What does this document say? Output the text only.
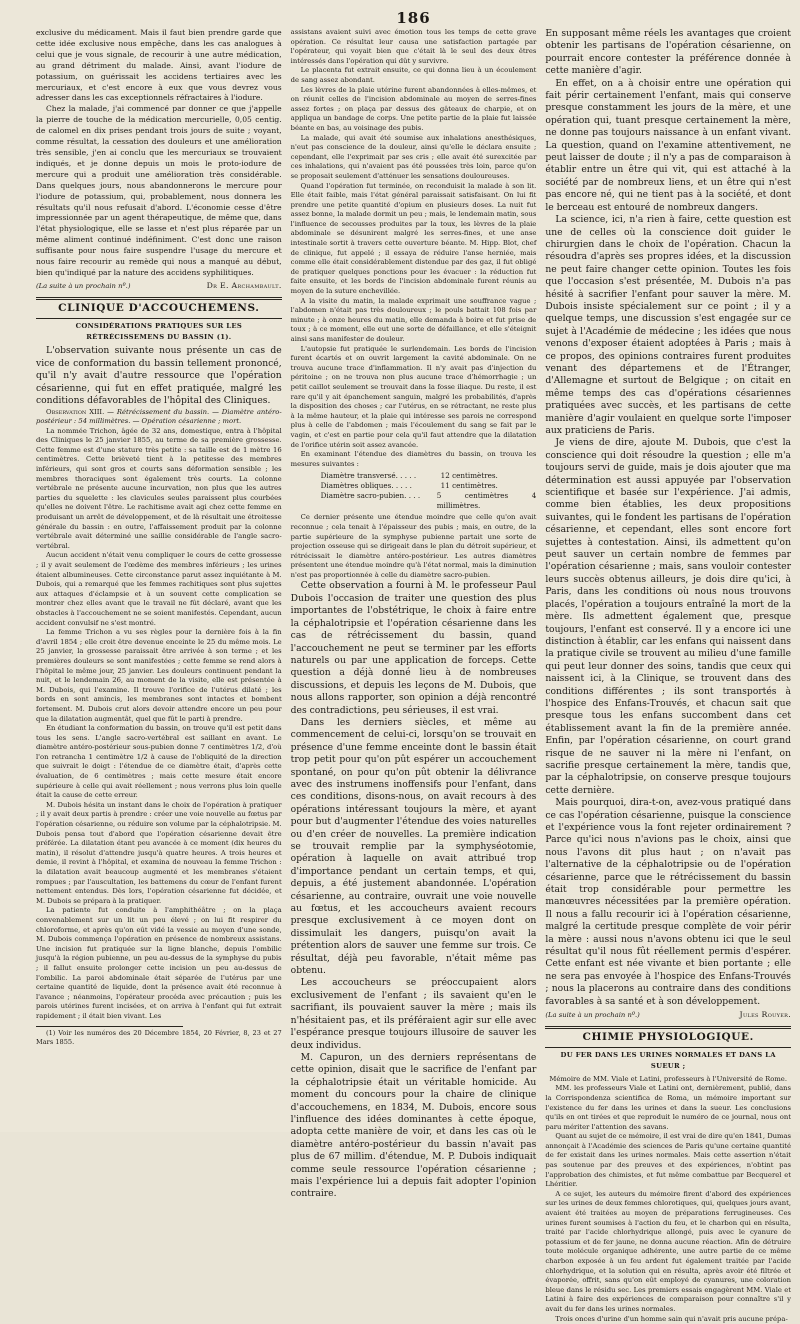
186

exclusive du médicament. Mais il faut bien prendre garde que cette idée exclusive nous empêche, dans les cas analogues à celui que je vous signale, de recourir à une autre médication, au grand détriment du malade. Ainsi, avant l'iodure de potassium, on guérissait les accidens tertiaires avec les mercuriaux, et c'est encore à eux que vous devrez vous adresser dans les cas exceptionnels réfractaires à l'iodure.

Chez la malade, j'ai commencé par donner ce que j'appelle la pierre de touche de la médication mercurielle, 0,05 centig. de calomel en dix prises pendant trois jours de suite ; voyant, comme résultat, la cessation des douleurs et une amélioration très sensible, j'en ai conclu que les mercuriaux se trouvaient indiqués, et je donne depuis un mois le proto-iodure de mercure qui a produit une amélioration très considérable. Dans quelques jours, nous abandonnerons le mercure pour l'iodure de potassium, qui, probablement, nous donnera les résultats qu'il nous refusait d'abord. L'économie cesse d'être impressionnée par un agent thérapeutique, de même que, dans l'état physiologique, elle se lasse et n'est plus réparée par un même aliment continué indéfiniment. C'est donc une raison suffisante pour nous faire suspendre l'usage du mercure et nous faire recourir au remède qui nous a manqué au début, bien qu'indiqué par la nature des accidens syphilitiques.

(La suite à un prochain nº.)	Dr E. Archambault.
CLINIQUE D'ACCOUCHEMENS.
CONSIDÉRATIONS PRATIQUES SUR LES RÉTRÉCISSEMENS DU BASSIN (1).

L'observation suivante nous présente un cas de vice de conformation du bassin tellement prononcé, qu'il n'y avait d'autre ressource que l'opération césarienne, qui fut en effet pratiquée, malgré les conditions défavorables de l'hôpital des Cliniques.

Observation XIII. — Rétrécissement du bassin. — Diamètre antéro-postérieur : 54 millimètres. — Opération césarienne ; mort.

La nommée Trichon, âgée de 32 ans, domestique, entra à l'hôpital des Cliniques le 25 janvier 1855, au terme de sa première grossesse. Cette femme est d'une stature très petite : sa taille est de 1 mètre 16 centimètres. Cette brièveté tient à la petitesse des membres inférieurs, qui sont gros et courts sans déformation sensible ; les membres thoraciques sont également très courts. La colonne vertébrale ne présente aucune incurvation, non plus que les autres parties du squelette : les clavicules seules paraissent plus courbées qu'elles ne doivent l'être. Le rachitisme avait agi chez cette femme en produisant un arrêt de développement, et de là résultait une étroitesse générale du bassin : en outre, l'affaissement produit par la colonne vertébrale avait déterminé une saillie considérable de l'angle sacro-vertébral.

Aucun accident n'était venu compliquer le cours de cette grossesse ; il y avait seulement de l'œdème des membres inférieurs ; les urines étaient albumineuses. Cette circonstance parut assez inquiétante à M. Dubois, qui a remarqué que les femmes rachitiques sont plus sujettes aux attaques d'éclampsie et à un souvent cette complication se montrer chez elles avant que le travail ne fût déclaré, avant que les obstacles à l'accouchement ne se soient manifestés. Cependant, aucun accident convulsif ne s'est montré.

La femme Trichon a vu ses règles pour la dernière fois à la fin d'avril 1854 ; elle croit être devenue enceinte le 25 du même mois. Le 25 janvier, la grossesse paraissait être arrivée à son terme ; et les premières douleurs se sont manifestées ; cette femme se rend alors à l'hôpital le même jour, 25 janvier. Les douleurs continuent pendant la nuit, et le lendemain 26, au moment de la visite, elle est présentée à M. Dubois, qui l'examine. Il trouve l'orifice de l'utérus dilaté ; les bords en sont amincis, les membranes sont intactes et bombent fortement. M. Dubois crut alors devoir attendre encore un peu pour que la dilatation augmentât, quel que fût le parti à prendre.

En étudiant la conformation du bassin, on trouve qu'il est petit dans tous les sens. L'angle sacro-vertébral est saillant en avant. Le diamètre antéro-postérieur sous-pubien donne 7 centimètres 1/2, d'où l'on retrancha 1 centimètre 1/2 à cause de l'obliquité de la direction que suivrait le doigt : l'étendue de ce diamètre était, d'après cette évaluation, de 6 centimètres ; mais cette mesure était encore supérieure à celle qui avait réellement ; nous verrons plus loin quelle était la cause de cette erreur.

M. Dubois hésita un instant dans le choix de l'opération à pratiquer ; il y avait deux partis à prendre : créer une voie nouvelle au fœtus par l'opération césarienne, ou réduire son volume par la céphalotripsie. M. Dubois pensa tout d'abord que l'opération césarienne devait être préférée. La dilatation étant peu avancée à ce moment (dix heures du matin), il résolut d'attendre jusqu'à quatre heures. A trois heures et demie, il revint à l'hôpital, et examina de nouveau la femme Trichon : la dilatation avait beaucoup augmenté et les membranes s'étaient rompues ; par l'auscultation, les battemens du cœur de l'enfant furent nettement entendus. Dès lors, l'opération césarienne fut décidée, et M. Dubois se prépara à la pratiquer.

La patiente fut conduite à l'amphithéâtre ; on la plaça convenablement sur un lit un peu élevé ; on lui fit respirer du chloroforme, et après qu'on eût vidé la vessie au moyen d'une sonde, M. Dubois commença l'opération en présence de nombreux assistans. Une incision fut pratiquée sur la ligne blanche, depuis l'ombilic jusqu'à la région pubienne, un peu au-dessus de la symphyse du pubis ; il fallut ensuite prolonger cette incision un peu au-dessus de l'ombilic. La paroi abdominale était séparée de l'utérus par une certaine quantité de liquide, dont la présence avait été reconnue à l'avance ; néanmoins, l'opérateur procéda avec précaution ; puis les parois utérines furent incisées, et on arriva à l'enfant qui fut extrait rapidement ; il était bien vivant. Les

(1) Voir les numéros des 20 Décembre 1854, 20 Février, 8, 23 et 27 Mars 1855.

assistans avaient suivi avec émotion tous les temps de cette grave opération. Ce résultat leur causa une satisfaction partagée par l'opérateur, qui voyait bien que c'était là le seul des deux êtres intéressés dans l'opération qui dût y survivre.

Le placenta fut extrait ensuite, ce qui donna lieu à un écoulement de sang assez abondant.

Les lèvres de la plaie utérine furent abandonnées à elles-mêmes, et on réunit celles de l'incision abdominale au moyen de serres-fines assez fortes ; on plaça par dessus des gâteaux de charpie, et on appliqua un bandage de corps. Une petite partie de la plaie fut laissée béante en bas, au voisinage des pubis.

La malade, qui avait été soumise aux inhalations anesthésiques, n'eut pas conscience de la douleur, ainsi qu'elle le déclara ensuite ; cependant, elle l'exprimait par ses cris ; elle avait été surexcitée par ces inhalations, qui n'avaient pas été poussées très loin, parce qu'on se proposait seulement d'atténuer les sensations douloureuses.

Quand l'opération fut terminée, on reconduisit la malade à son lit. Elle était faible, mais l'état général paraissait satisfaisant. On lui fit prendre une petite quantité d'opium en plusieurs doses. La nuit fut assez bonne, la malade dormit un peu ; mais, le lendemain matin, sous l'influence de secousses produites par la toux, les lèvres de la plaie abdominale se désunirent malgré les serres-fines, et une anse intestinale sortit à travers cette ouverture béante. M. Hipp. Blot, chef de clinique, fut appelé ; il essaya de réduire l'anse herniée, mais comme elle était considérablement distendue par des gaz, il fut obligé de pratiquer quelques ponctions pour les évacuer : la réduction fut faite ensuite, et les bords de l'incision abdominale furent réunis au moyen de la suture enchevillée.

A la visite du matin, la malade exprimait une souffrance vague ; l'abdomen n'était pas très douloureux ; le pouls battait 108 fois par minute ; à onze heures du matin, elle demanda à boire et fut prise de toux ; à ce moment, elle eut une sorte de défaillance, et elle s'éteignit ainsi sans manifester de douleur.

L'autopsie fut pratiquée le surlendemain. Les bords de l'incision furent écartés et on ouvrit largement la cavité abdominale. On ne trouva aucune trace d'inflammation. Il n'y avait pas d'injection du péritoine ; on ne trouva non plus aucune trace d'hémorrhagie ; un petit caillot seulement se trouvait dans la fosse iliaque. Du reste, il est rare qu'il y ait épanchement sanguin, malgré les probabilités, d'après la disposition des choses ; car l'utérus, en se rétractant, ne reste plus à la même hauteur, et la plaie qui intéresse ses parois ne correspond plus à celle de l'abdomen ; mais l'écoulement du sang se fait par le vagin, et c'est en partie pour cela qu'il faut attendre que la dilatation de l'orifice utérin soit assez avancée.

En examinant l'étendue des diamètres du bassin, on trouva les mesures suivantes :

Diamètre transversé. . . . .	12 centimètres.
Diamètres obliques. . . . .	11 centimètres.
Diamètre sacro-pubien. . . .	5 centimètres 4 millimètres.

Ce dernier présente une étendue moindre que celle qu'on avait reconnue ; cela tenait à l'épaisseur des pubis ; mais, en outre, de la partie supérieure de la symphyse pubienne partait une sorte de projection osseuse qui se dirigeait dans le plan du détroit supérieur, et rétrécissait le diamètre antéro-postérieur. Les autres diamètres présentent une étendue moindre qu'à l'état normal, mais la diminution n'est pas proportionnée à celle du diamètre sacro-pubien.

Cette observation a fourni à M. le professeur Paul Dubois l'occasion de traiter une question des plus importantes de l'obstétrique, le choix à faire entre la céphalotripsie et l'opération césarienne dans les cas de rétrécissement du bassin, quand l'accouchement ne peut se terminer par les efforts naturels ou par une application de forceps. Cette question a déjà donné lieu à de nombreuses discussions, et depuis les leçons de M. Dubois, que nous allons rapporter, son opinion a déjà rencontré des contradictions, peu sérieuses, il est vrai.

Dans les derniers siècles, et même au commencement de celui-ci, lorsqu'on se trouvait en présence d'une femme enceinte dont le bassin était trop petit pour qu'on pût espérer un accouchement spontané, on pour qu'on pût obtenir la délivrance avec des instrumens inoffensifs pour l'enfant, dans ces conditions, disons-nous, on avait recours à des opérations intéressant toujours la mère, et ayant pour but d'augmenter l'étendue des voies naturelles ou d'en créer de nouvelles. La première indication se trouvait remplie par la symphyséotomie, opération à laquelle on avait attribué trop d'importance pendant un certain temps, et qui, depuis, a été justement abandonnée. L'opération césarienne, au contraire, ouvrait une voie nouvelle au fœtus, et les accoucheurs avaient recours presque exclusivement à ce moyen dont on dissimulait les dangers, puisqu'on avait la prétention alors de sauver une femme sur trois. Ce résultat, déjà peu favorable, n'était même pas obtenu.

Les accoucheurs se préoccupaient alors exclusivement de l'enfant ; ils savaient qu'en le sacrifiant, ils pouvaient sauver la mère ; mais ils n'hésitaient pas, et ils préféraient agir sur elle avec l'espérance presque toujours illusoire de sauver les deux individus.

M. Capuron, un des derniers représentans de cette opinion, disait que le sacrifice de l'enfant par la céphalotripsie était un véritable homicide. Au moment du concours pour la chaire de clinique d'accouchemens, en 1834, M. Dubois, encore sous l'influence des idées dominantes à cette époque, adopta cette manière de voir, et dans les cas où le diamètre antéro-postérieur du bassin n'avait pas plus de 67 millim. d'étendue, M. P. Dubois indiquait comme seule ressource l'opération césarienne ; mais l'expérience lui a depuis fait adopter l'opinion contraire.

En supposant même réels les avantages que croient obtenir les partisans de l'opération césarienne, on pourrait encore contester la préférence donnée à cette manière d'agir.

En effet, on a à choisir entre une opération qui fait périr certainement l'enfant, mais qui conserve presque constamment les jours de la mère, et une opération qui, tuant presque certainement la mère, ne donne pas toujours naissance à un enfant vivant. La question, quand on l'examine attentivement, ne peut laisser de doute ; il n'y a pas de comparaison à établir entre un être qui vit, qui est attaché à la société par de nombreux liens, et un être qui n'est pas encore né, qui ne tient pas à la société, et dont le berceau est entouré de nombreux dangers.

La science, ici, n'a rien à faire, cette question est une de celles où la conscience doit guider le chirurgien dans le choix de l'opération. Chacun la résoudra d'après ses propres idées, et la discussion ne peut faire changer cette opinion. Toutes les fois que l'occasion s'est présentée, M. Dubois n'a pas hésité à sacrifier l'enfant pour sauver la mère. M. Dubois insiste spécialement sur ce point ; il y a quelque temps, une discussion s'est engagée sur ce sujet à l'Académie de médecine ; les idées que nous venons d'exposer étaient adoptées à Paris ; mais à ce propos, des opinions contraires furent produites venant des départemens et de l'Étranger, d'Allemagne et surtout de Belgique ; on citait en même temps des cas d'opérations césariennes pratiquées avec succès, et les partisans de cette manière d'agir voulaient en quelque sorte l'imposer aux praticiens de Paris.

Je viens de dire, ajoute M. Dubois, que c'est la conscience qui doit résoudre la question ; elle m'a toujours servi de guide, mais je dois ajouter que ma détermination est aussi appuyée par l'observation scientifique et basée sur l'expérience. J'ai admis, comme bien établies, les deux propositions suivantes, qui le fondent les partisans de l'opération césarienne, et cependant, elles sont encore fort sujettes à contestation. Ainsi, ils admettent qu'on peut sauver un certain nombre de femmes par l'opération césarienne ; mais, sans vouloir contester leurs succès obtenus ailleurs, je dois dire qu'ici, à Paris, dans les conditions où nous nous trouvons placés, l'opération a toujours entraîné la mort de la mère. Ils admettent également que, presque toujours, l'enfant est conservé. Il y a encore ici une distinction à établir, car les enfans qui naissent dans la pratique civile se trouvent au milieu d'une famille qui peut leur donner des soins, tandis que ceux qui naissent ici, à la Clinique, se trouvent dans des conditions différentes ; ils sont transportés à l'hospice des Enfans-Trouvés, et chacun sait que presque tous les enfans succombent dans cet établissement avant la fin de la première année. Enfin, par l'opération césarienne, on court grand risque de ne sauver ni la mère ni l'enfant, on sacrifie presque certainement la mère, tandis que, par la céphalotripsie, on conserve presque toujours cette dernière.

Mais pourquoi, dira-t-on, avez-vous pratiqué dans ce cas l'opération césarienne, puisque la conscience et l'expérience vous la font rejeter ordinairement ? Parce qu'ici nous n'avions pas le choix, ainsi que nous l'avons dit plus haut ; on n'avait pas l'alternative de la céphalotripsie ou de l'opération césarienne, parce que le rétrécissement du bassin était trop considérable pour permettre les manœuvres nécessitées par la première opération. Il nous a fallu recourir ici à l'opération césarienne, malgré la certitude presque complète de voir périr la mère : aussi nous n'avons obtenu ici que le seul résultat qu'il nous fût réellement permis d'espérer. Cette enfant est née vivante et bien portante ; elle ne sera pas envoyée à l'hospice des Enfans-Trouvés ; nous la placerons au contraire dans des conditions favorables à sa santé et à son développement.

(La suite à un prochain nº.)	Jules Rouyer.
CHIMIE PHYSIOLOGIQUE.
DU FER DANS LES URINES NORMALES ET DANS LA SUEUR ;

Mémoire de MM. Viale et Latini, professeurs à l'Université de Rome.

MM. les professeurs Viale et Latini ont, dernièrement, publié, dans la Corrispondenza scientifica de Roma, un mémoire important sur l'existence du fer dans les urines et dans la sueur. Les conclusions qu'ils en ont tirées et que reproduit le numéro de ce journal, nous ont paru mériter l'attention des savans.

Quant au sujet de ce mémoire, il est vrai de dire qu'en 1841, Dumas annonçait à l'Académie des sciences de Paris qu'une certaine quantité de fer existait dans les urines normales. Mais cette assertion n'était pas soutenue par des preuves et des expériences, n'obtint pas l'approbation des chimistes, et fut même combattue par Becquerel et Lhéritier.

A ce sujet, les auteurs du mémoire firent d'abord des expériences sur les urines de deux femmes chlorotiques, qui, quelques jours avant, avaient été traitées au moyen de préparations ferrugineuses. Ces urines furent soumises à l'action du feu, et le charbon qui en résulta, traité par l'acide chlorhydrique allongé, puis avec le cyanure de potassium et de fer jaune, ne donna aucune réaction. Afin de détruire toute molécule organique adhérente, une autre partie de ce même charbon exposée à un feu ardent fut également traitée par l'acide chlorhydrique, et la solution qui en résulta, après avoir été filtrée et évaporée, offrit, sans qu'on eût employé de cyanures, une coloration bleue dans le résidu sec. Les premiers essais engagèrent MM. Viale et Latini à faire des expériences de comparaison pour connaître s'il y avait du fer dans les urines normales.

Trois onces d'urine d'un homme sain qui n'avait pris aucune prépa-
